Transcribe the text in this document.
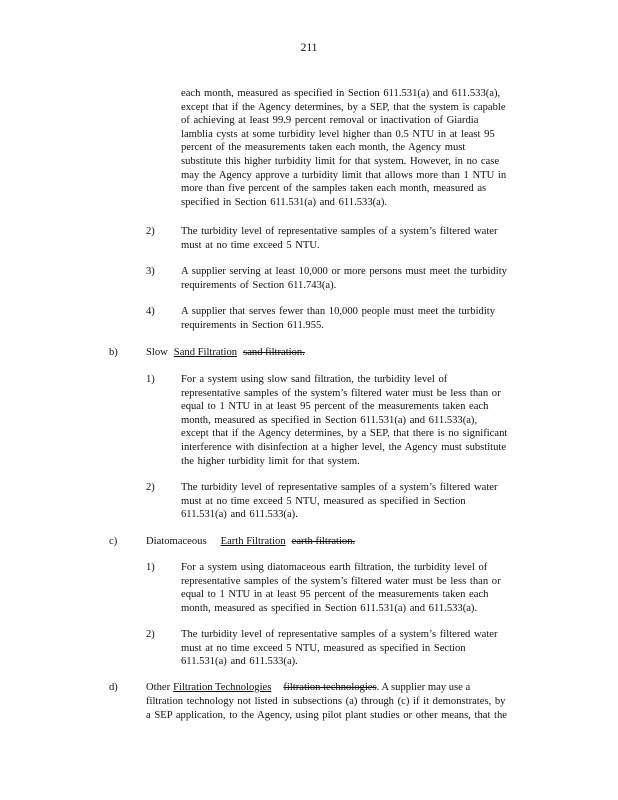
211
each month, measured as specified in Section 611.531(a) and 611.533(a),
except that if the Agency determines, by a SEP, that the system is capable
of achieving at least 99.9 percent removal or inactivation of Giardia
lamblia cysts at some turbidity level higher than 0.5 NTU in at least 95
percent of the measurements taken each month, the Agency must
substitute this higher turbidity limit for that system. However, in no case
may the Agency approve a turbidity limit that allows more than 1 NTU in
more than five percent of the samples taken each month, measured as
specified in Section 611.531(a) and 611.533(a).
2) The turbidity level of representative samples of a system’s filtered water
must at no time exceed 5 NTU.
3) A supplier serving at least 10,000 or more persons must meet the turbidity
requirements of Section 611.743(a).
4) A supplier that serves fewer than 10,000 people must meet the turbidity
requirements in Section 611.955.
b)	Slow Sand Filtration sand filtration.
1) For a system using slow sand filtration, the turbidity level of
representative samples of the system’s filtered water must be less than or
equal to 1 NTU in at least 95 percent of the measurements taken each
month, measured as specified in Section 611.531(a) and 611.533(a),
except that if the Agency determines, by a SEP, that there is no significant
interference with disinfection at a higher level, the Agency must substitute
the higher turbidity limit for that system.
2) The turbidity level of representative samples of a system’s filtered water
must at no time exceed 5 NTU, measured as specified in Section
611.531(a) and 611.533(a).
c)	Diatomaceous Earth Filtration earth filtration.
1) For a system using diatomaceous earth filtration, the turbidity level of
representative samples of the system’s filtered water must be less than or
equal to 1 NTU in at least 95 percent of the measurements taken each
month, measured as specified in Section 611.531(a) and 611.533(a).
2) The turbidity level of representative samples of a system’s filtered water
must at no time exceed 5 NTU, measured as specified in Section
611.531(a) and 611.533(a).
d)	Other Filtration Technologies filtration technologies. A supplier may use a
filtration technology not listed in subsections (a) through (c) if it demonstrates, by
a SEP application, to the Agency, using pilot plant studies or other means, that the
